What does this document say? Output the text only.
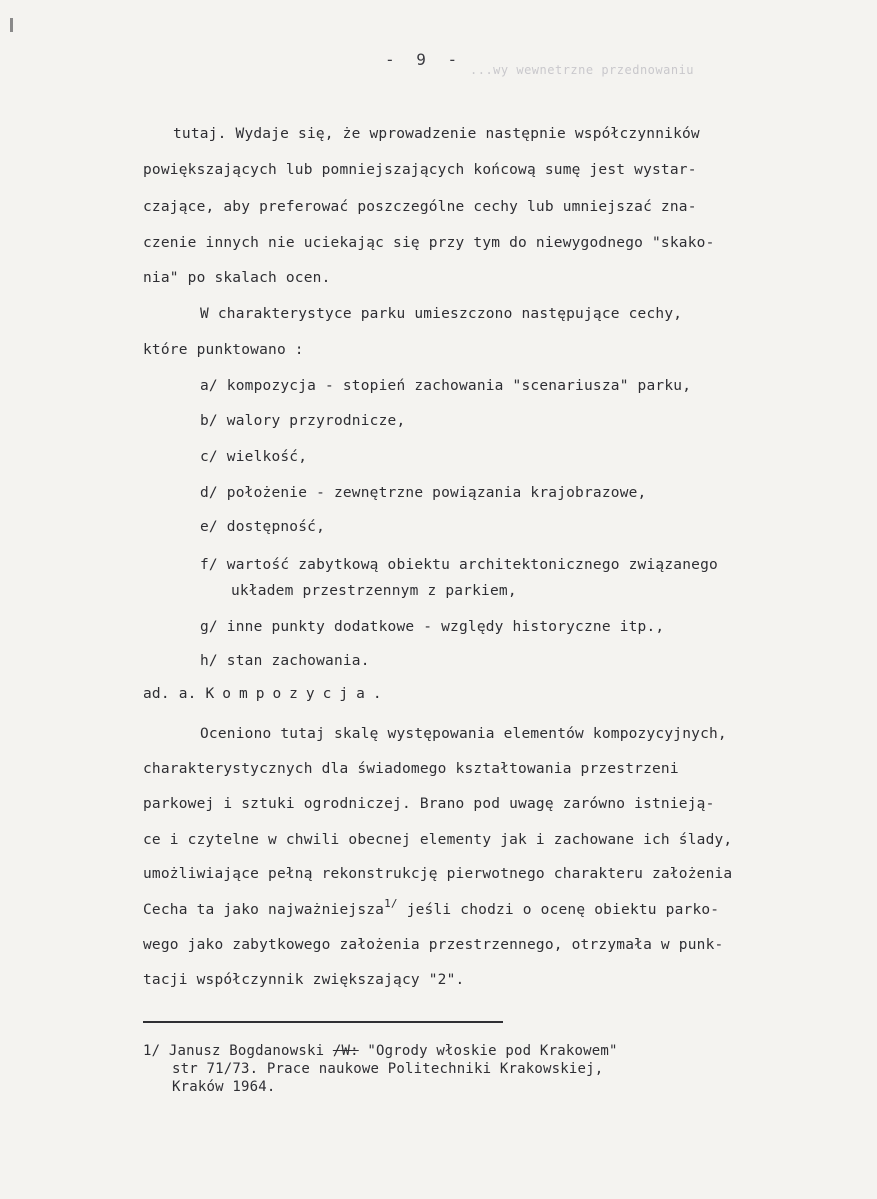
...wy wewnetrzne przednowaniu
- 9 -
tutaj. Wydaje się, że wprowadzenie następnie współczynników
powiększających lub pomniejszających końcową sumę jest wystar-
czające, aby preferować poszczególne cechy lub umniejszać zna-
czenie innych nie uciekając się przy tym do niewygodnego "skako-
nia" po skalach ocen.
W charakterystyce parku umieszczono następujące cechy,
które punktowano :
a/ kompozycja - stopień zachowania "scenariusza" parku,
b/ walory przyrodnicze,
c/ wielkość,
d/ położenie - zewnętrzne powiązania krajobrazowe,
e/ dostępność,
f/ wartość zabytkową obiektu architektonicznego związanego
układem przestrzennym z parkiem,
g/ inne punkty dodatkowe - względy historyczne itp.,
h/ stan zachowania.
ad. a. Kompozycja.
Oceniono tutaj skalę występowania elementów kompozycyjnych,
charakterystycznych dla świadomego kształtowania przestrzeni
parkowej i sztuki ogrodniczej. Brano pod uwagę zarówno istnieją-
ce i czytelne w chwili obecnej elementy jak i zachowane ich ślady,
umożliwiające pełną rekonstrukcję pierwotnego charakteru założenia
Cecha ta jako najważniejsza$^{1/}$ jeśli chodzi o ocenę obiektu parko-
wego jako zabytkowego założenia przestrzennego, otrzymała w punk-
tacji współczynnik zwiększający "2".
1/ Janusz Bogdanowski /W: "Ogrody włoskie pod Krakowem"
str 71/73. Prace naukowe Politechniki Krakowskiej,
Kraków 1964.
